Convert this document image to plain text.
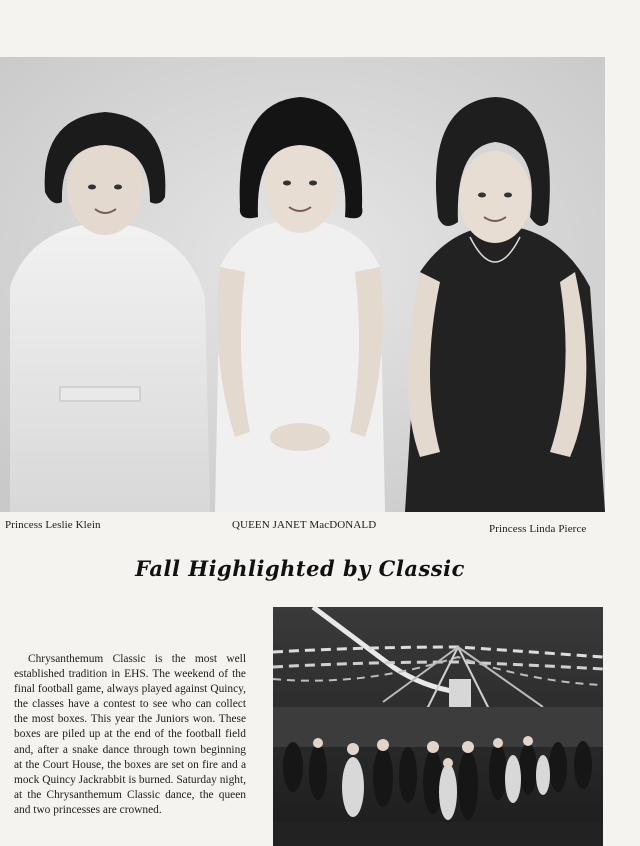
Princess Leslie Klein	QUEEN JANET MacDONALD	Princess Linda Pierce
Fall Highlighted by Classic
Chrysanthemum Classic is the most well established tradition in EHS. The weekend of the final football game, always played against Quincy, the classes have a contest to see who can collect the most boxes. This year the Juniors won. These boxes are piled up at the end of the football field and, after a snake dance through town beginning at the Court House, the boxes are set on fire and a mock Quincy Jackrabbit is burned. Saturday night, at the Chrysanthemum Classic dance, the queen and two princesses are crowned.
